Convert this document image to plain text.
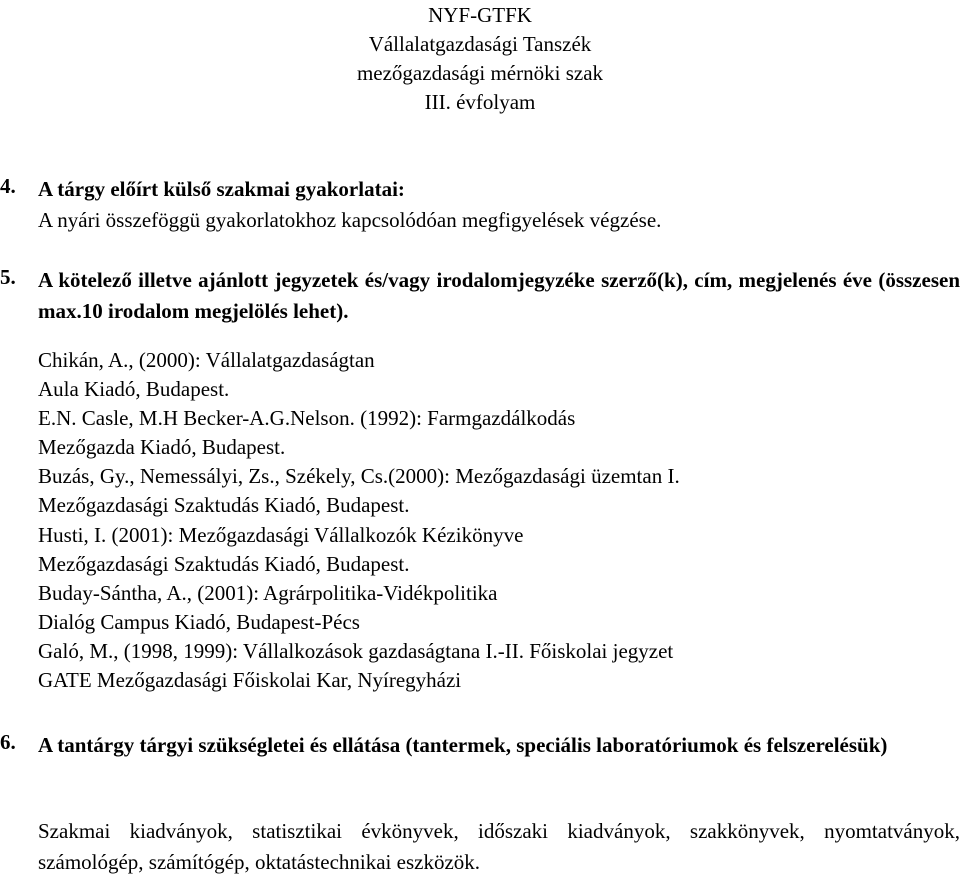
NYF-GTFK
Vállalatgazdasági Tanszék
mezőgazdasági mérnöki szak
III. évfolyam
4. A tárgy előírt külső szakmai gyakorlatai:
A nyári összeföggü gyakorlatokhoz kapcsolódóan megfigyelések végzése.
5. A kötelező illetve ajánlott jegyzetek és/vagy irodalomjegyzéke szerző(k), cím, megjelenés éve (összesen max.10 irodalom megjelölés lehet).
Chikán, A., (2000): Vállalatgazdaságtan
Aula Kiadó, Budapest.
E.N. Casle, M.H Becker-A.G.Nelson. (1992): Farmgazdálkodás
Mezőgazda Kiadó, Budapest.
Buzás, Gy., Nemessályi, Zs., Székely, Cs.(2000): Mezőgazdasági üzemtan I.
Mezőgazdasági Szaktudás Kiadó, Budapest.
Husti, I. (2001): Mezőgazdasági Vállalkozók Kézikönyve
Mezőgazdasági Szaktudás Kiadó, Budapest.
Buday-Sántha, A., (2001): Agrárpolitika-Vidékpolitika
Dialóg Campus Kiadó, Budapest-Pécs
Galó, M., (1998, 1999): Vállalkozások gazdaságtana I.-II. Főiskolai jegyzet
GATE Mezőgazdasági Főiskolai Kar, Nyíregyházi
6. A tantárgy tárgyi szükségletei és ellátása (tantermek, speciális laboratóriumok és felszerelésük)
Szakmai kiadványok, statisztikai évkönyvek, időszaki kiadványok, szakkönyvek, nyomtatványok, számológép, számítógép, oktatástechnikai eszközök.
